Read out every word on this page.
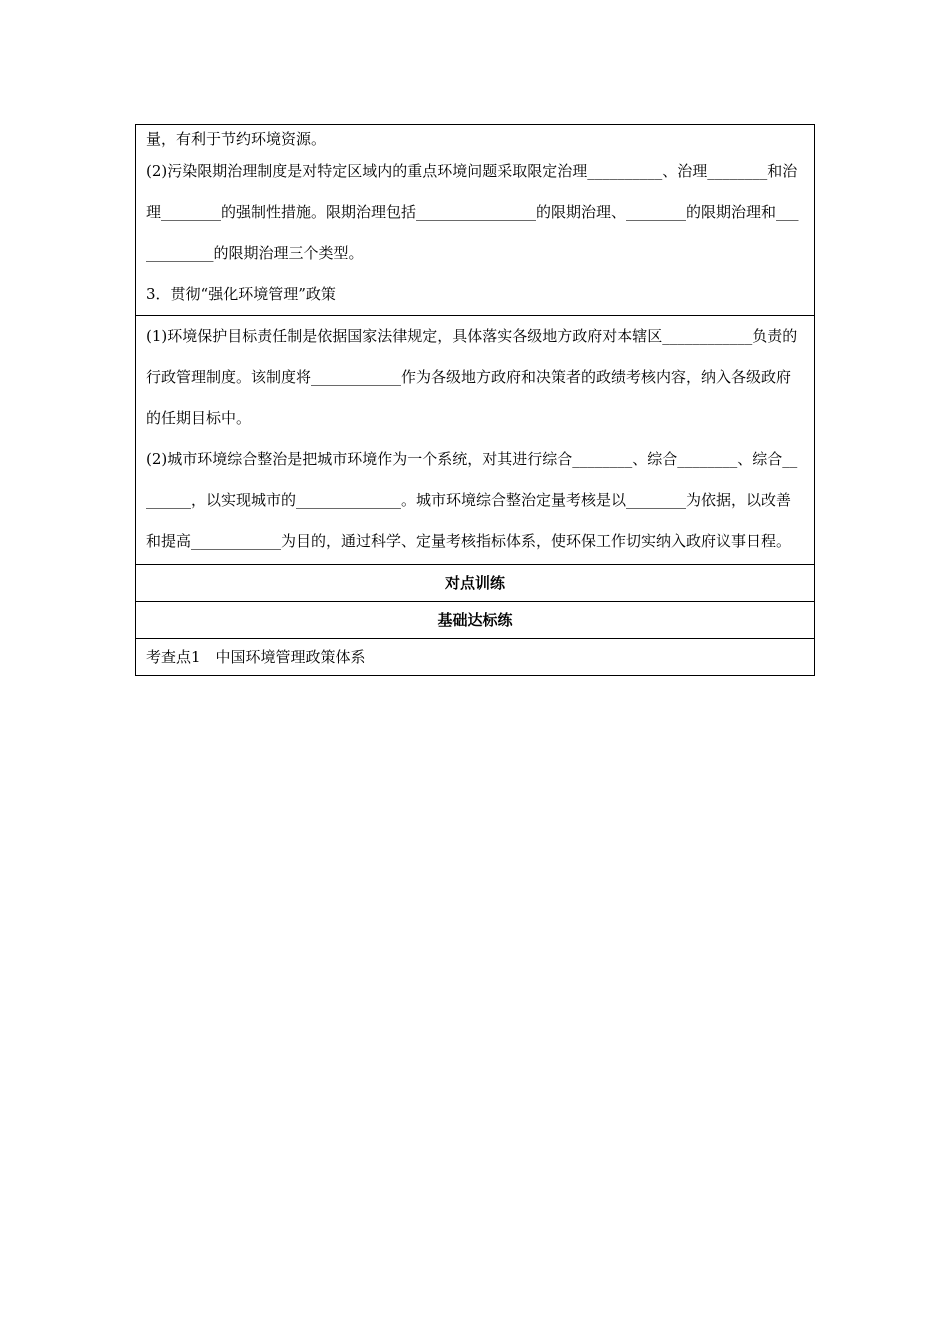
量，有利于节约环境资源。

(2)污染限期治理制度是对特定区域内的重点环境问题采取限定治理__________、治理________和治理________的强制性措施。限期治理包括________________的限期治理、________的限期治理和____________的限期治理三个类型。

3．贯彻“强化环境管理”政策

(1)环境保护目标责任制是依据国家法律规定，具体落实各级地方政府对本辖区____________负责的行政管理制度。该制度将____________作为各级地方政府和决策者的政绩考核内容，纳入各级政府的任期目标中。

(2)城市环境综合整治是把城市环境作为一个系统，对其进行综合________、综合________、综合________，以实现城市的______________。城市环境综合整治定量考核是以________为依据，以改善和提高____________为目的，通过科学、定量考核指标体系，使环保工作切实纳入政府议事日程。

对点训练
基础达标练

考查点1　中国环境管理政策体系
